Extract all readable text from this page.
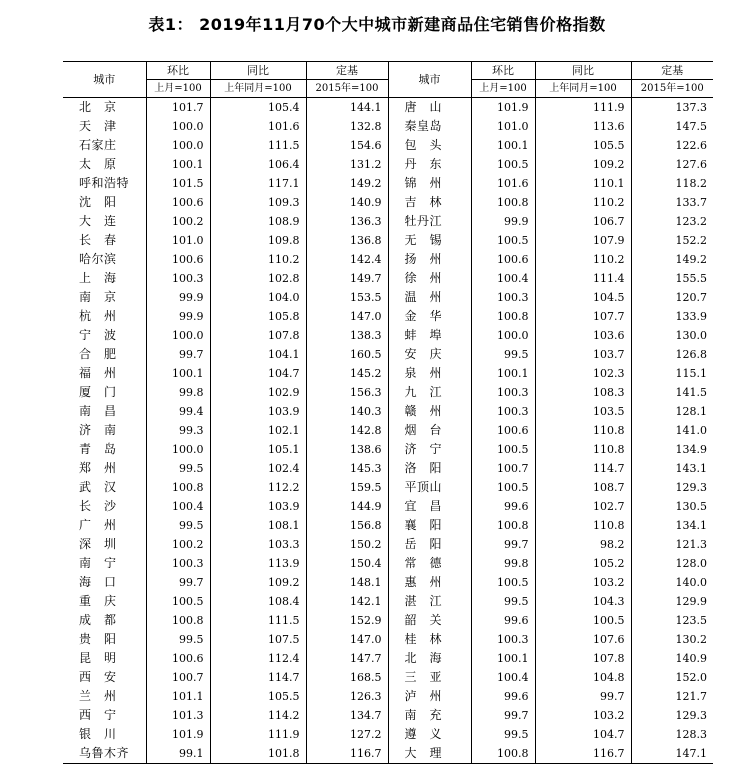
表1： 2019年11月70个大中城市新建商品住宅销售价格指数
城市	环比	同比	定基	城市	环比	同比	定基
	上月=100	上年同月=100	2015年=100		上月=100	上年同月=100	2015年=100
北　京	101.7	105.4	144.1	唐　山	101.9	111.9	137.3
天　津	100.0	101.6	132.8	秦皇岛	101.0	113.6	147.5
石家庄	100.0	111.5	154.6	包　头	100.1	105.5	122.6
太　原	100.1	106.4	131.2	丹　东	100.5	109.2	127.6
呼和浩特	101.5	117.1	149.2	锦　州	101.6	110.1	118.2
沈　阳	100.6	109.3	140.9	吉　林	100.8	110.2	133.7
大　连	100.2	108.9	136.3	牡丹江	99.9	106.7	123.2
长　春	101.0	109.8	136.8	无　锡	100.5	107.9	152.2
哈尔滨	100.6	110.2	142.4	扬　州	100.6	110.2	149.2
上　海	100.3	102.8	149.7	徐　州	100.4	111.4	155.5
南　京	99.9	104.0	153.5	温　州	100.3	104.5	120.7
杭　州	99.9	105.8	147.0	金　华	100.8	107.7	133.9
宁　波	100.0	107.8	138.3	蚌　埠	100.0	103.6	130.0
合　肥	99.7	104.1	160.5	安　庆	99.5	103.7	126.8
福　州	100.1	104.7	145.2	泉　州	100.1	102.3	115.1
厦　门	99.8	102.9	156.3	九　江	100.3	108.3	141.5
南　昌	99.4	103.9	140.3	赣　州	100.3	103.5	128.1
济　南	99.3	102.1	142.8	烟　台	100.6	110.8	141.0
青　岛	100.0	105.1	138.6	济　宁	100.5	110.8	134.9
郑　州	99.5	102.4	145.3	洛　阳	100.7	114.7	143.1
武　汉	100.8	112.2	159.5	平顶山	100.5	108.7	129.3
长　沙	100.4	103.9	144.9	宜　昌	99.6	102.7	130.5
广　州	99.5	108.1	156.8	襄　阳	100.8	110.8	134.1
深　圳	100.2	103.3	150.2	岳　阳	99.7	98.2	121.3
南　宁	100.3	113.9	150.4	常　德	99.8	105.2	128.0
海　口	99.7	109.2	148.1	惠　州	100.5	103.2	140.0
重　庆	100.5	108.4	142.1	湛　江	99.5	104.3	129.9
成　都	100.8	111.5	152.9	韶　关	99.6	100.5	123.5
贵　阳	99.5	107.5	147.0	桂　林	100.3	107.6	130.2
昆　明	100.6	112.4	147.7	北　海	100.1	107.8	140.9
西　安	100.7	114.7	168.5	三　亚	100.4	104.8	152.0
兰　州	101.1	105.5	126.3	泸　州	99.6	99.7	121.7
西　宁	101.3	114.2	134.7	南　充	99.7	103.2	129.3
银　川	101.9	111.9	127.2	遵　义	99.5	104.7	128.3
乌鲁木齐	99.1	101.8	116.7	大　理	100.8	116.7	147.1
